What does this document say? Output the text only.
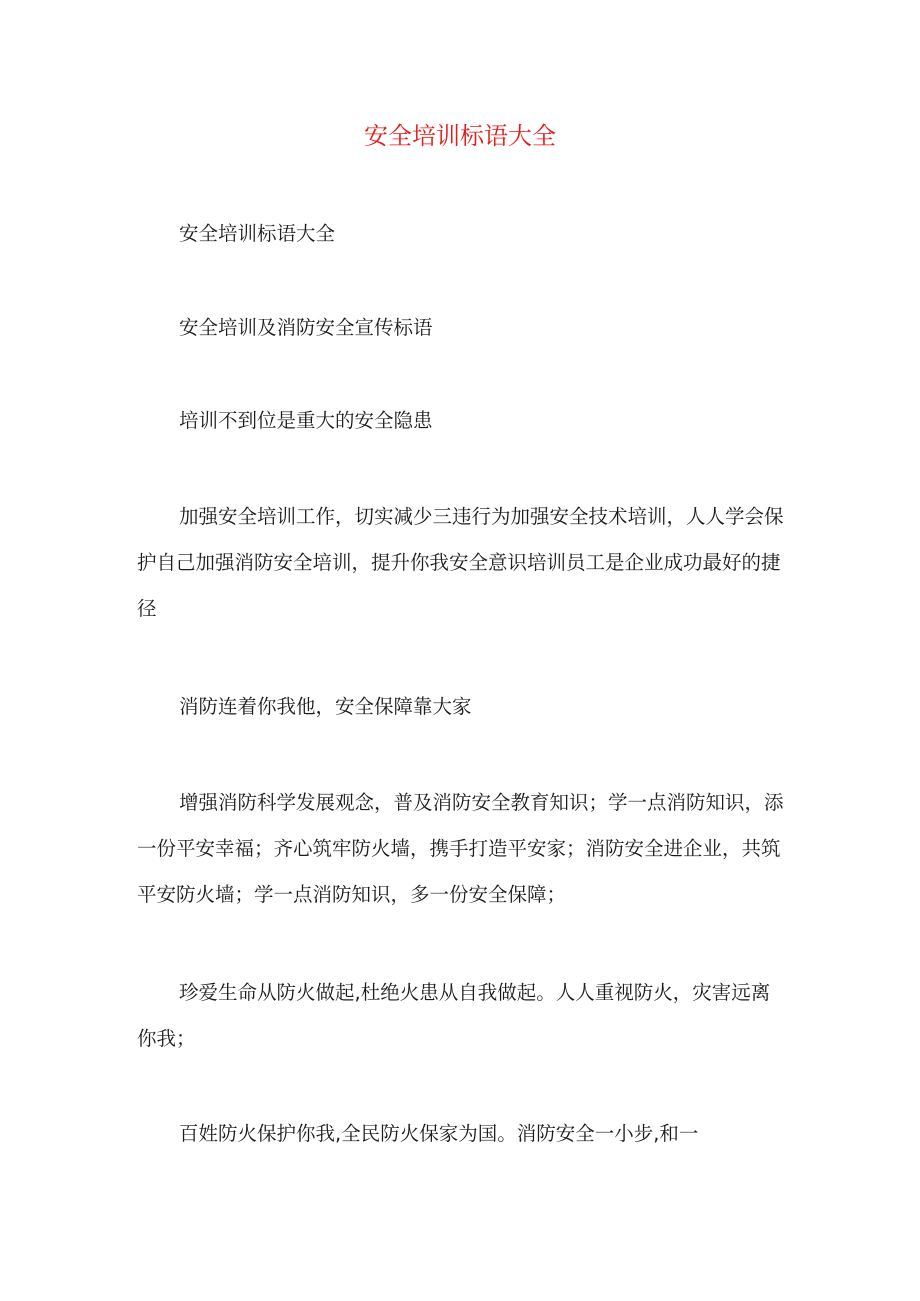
安全培训标语大全

安全培训标语大全

安全培训及消防安全宣传标语

培训不到位是重大的安全隐患

加强安全培训工作，切实减少三违行为加强安全技术培训，人人学会保护自己加强消防安全培训，提升你我安全意识培训员工是企业成功最好的捷径

消防连着你我他，安全保障靠大家

增强消防科学发展观念，普及消防安全教育知识；学一点消防知识，添一份平安幸福；齐心筑牢防火墙，携手打造平安家；消防安全进企业，共筑平安防火墙；学一点消防知识，多一份安全保障；

珍爱生命从防火做起,杜绝火患从自我做起。人人重视防火，灾害远离你我；

百姓防火保护你我,全民防火保家为国。消防安全一小步,和一
